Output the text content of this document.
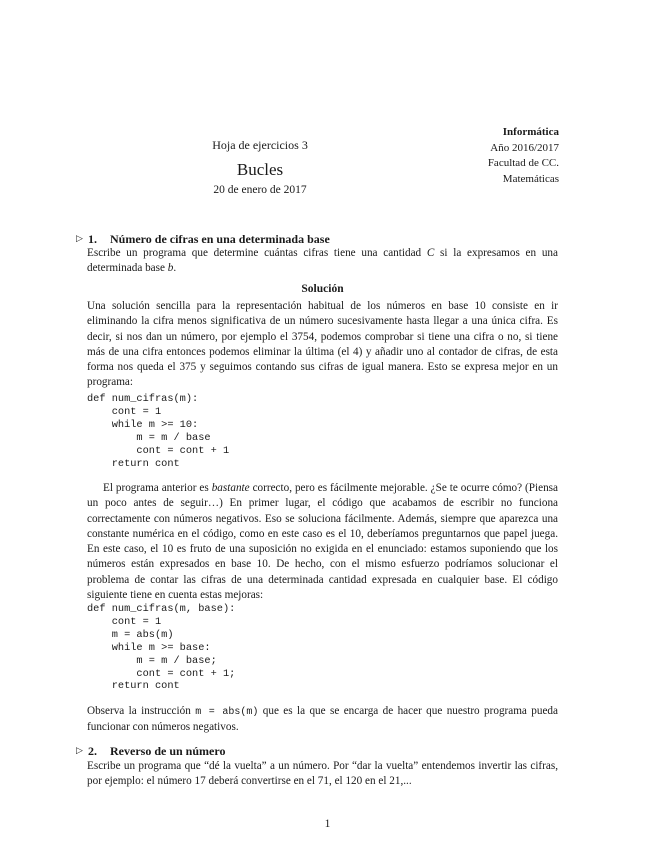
Hoja de ejercicios 3
Bucles
20 de enero de 2017
Informática
Año 2016/2017
Facultad de CC.
Matemáticas
▷ 1. Número de cifras en una determinada base
Escribe un programa que determine cuántas cifras tiene una cantidad C si la expresamos en una determinada base b.
Solución
Una solución sencilla para la representación habitual de los números en base 10 consiste en ir eliminando la cifra menos significativa de un número sucesivamente hasta llegar a una única cifra. Es decir, si nos dan un número, por ejemplo el 3754, podemos comprobar si tiene una cifra o no, si tiene más de una cifra entonces podemos eliminar la última (el 4) y añadir uno al contador de cifras, de esta forma nos queda el 375 y seguimos contando sus cifras de igual manera. Esto se expresa mejor en un programa:
def num_cifras(m):
cont = 1
while m >= 10:
m = m / base
cont = cont + 1
return cont
El programa anterior es bastante correcto, pero es fácilmente mejorable. ¿Se te ocurre cómo? (Piensa un poco antes de seguir…) En primer lugar, el código que acabamos de escribir no funciona correctamente con números negativos. Eso se soluciona fácilmente. Además, siempre que aparezca una constante numérica en el código, como en este caso es el 10, deberíamos preguntarnos que papel juega. En este caso, el 10 es fruto de una suposición no exigida en el enunciado: estamos suponiendo que los números están expresados en base 10. De hecho, con el mismo esfuerzo podríamos solucionar el problema de contar las cifras de una determinada cantidad expresada en cualquier base. El código siguiente tiene en cuenta estas mejoras:
def num_cifras(m, base):
cont = 1
m = abs(m)
while m >= base:
m = m / base;
cont = cont + 1;
return cont
Observa la instrucción m = abs(m) que es la que se encarga de hacer que nuestro programa pueda funcionar con números negativos.
▷ 2. Reverso de un número
Escribe un programa que “dé la vuelta” a un número. Por “dar la vuelta” entendemos invertir las cifras, por ejemplo: el número 17 deberá convertirse en el 71, el 120 en el 21,...
1
